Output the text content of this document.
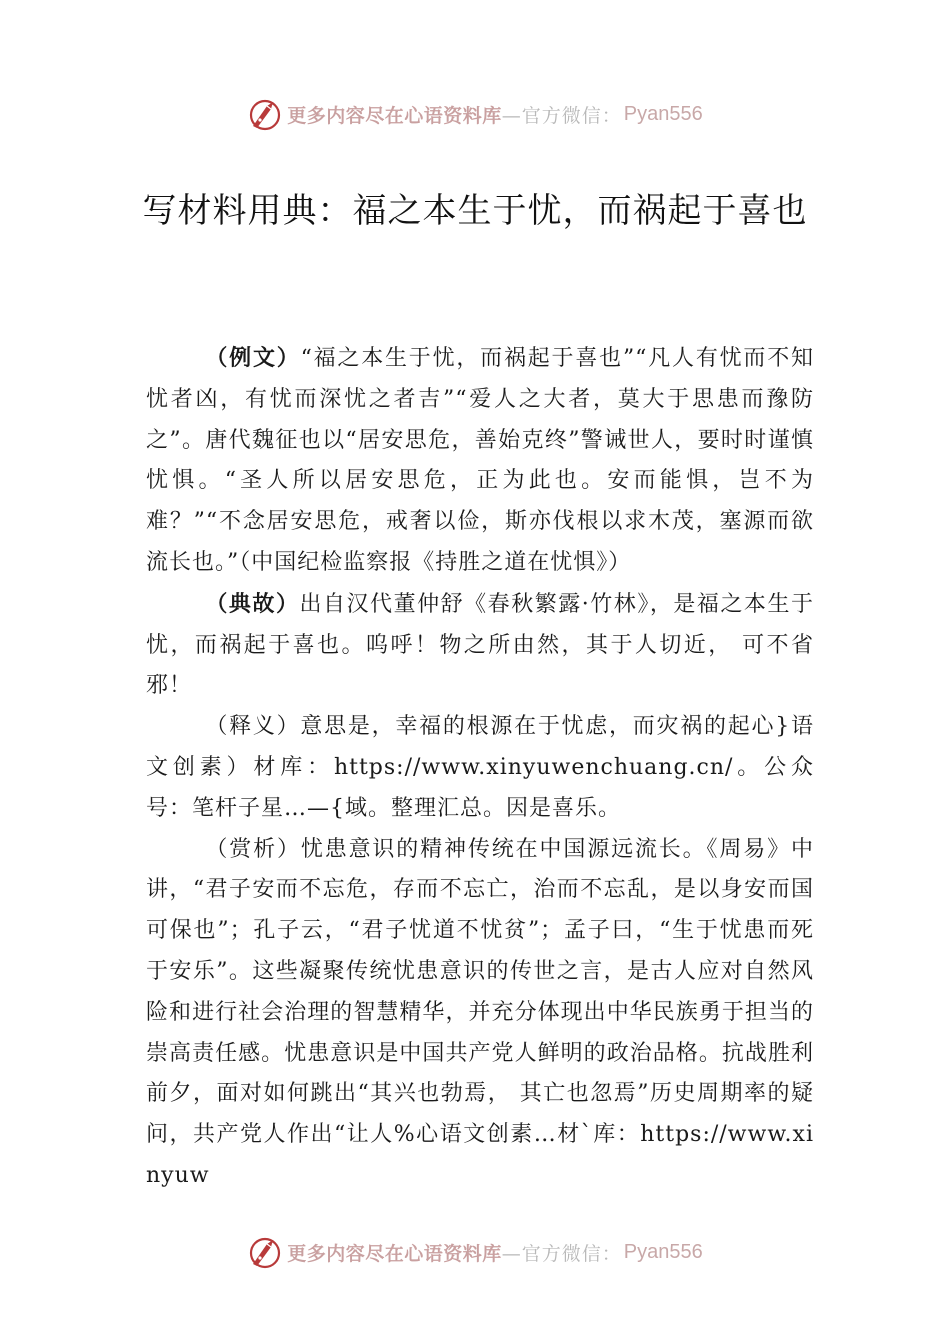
更多内容尽在心语资料库 —官方微信： Pyan556
写材料用典：福之本生于忧，而祸起于喜也

（例文）“福之本生于忧，而祸起于喜也”“凡人有忧而不知忧者凶，有忧而深忧之者吉”“爱人之大者，莫大于思患而豫防之”。唐代魏征也以“居安思危，善始克终”警诫世人，要时时谨慎忧惧。“圣人所以居安思危，正为此也。安而能惧，岂不为难？”“不念居安思危，戒奢以俭，斯亦伐根以求木茂，塞源而欲流长也。”（中国纪检监察报《持胜之道在忧惧》）

（典故）出自汉代董仲舒《春秋繁露·竹林》，是福之本生于忧，而祸起于喜也。呜呼！物之所由然，其于人切近， 可不省邪！

（释义）意思是，幸福的根源在于忧虑，而灾祸的起心}语文创素）材库：https://www.xinyuwenchuang.cn/。公众号：笔杆子星…—{域。整理汇总。因是喜乐。

（赏析）忧患意识的精神传统在中国源远流长。《周易》中讲，“君子安而不忘危，存而不忘亡，治而不忘乱，是以身安而国可保也”；孔子云，“君子忧道不忧贫”；孟子曰，“生于忧患而死于安乐”。这些凝聚传统忧患意识的传世之言，是古人应对自然风险和进行社会治理的智慧精华，并充分体现出中华民族勇于担当的崇高责任感。忧患意识是中国共产党人鲜明的政治品格。抗战胜利前夕，面对如何跳出“其兴也勃焉， 其亡也忽焉”历史周期率的疑问，共产党人作出“让人%心语文创素…材`库：https://www.xinyuw

更多内容尽在心语资料库 —官方微信： Pyan556
